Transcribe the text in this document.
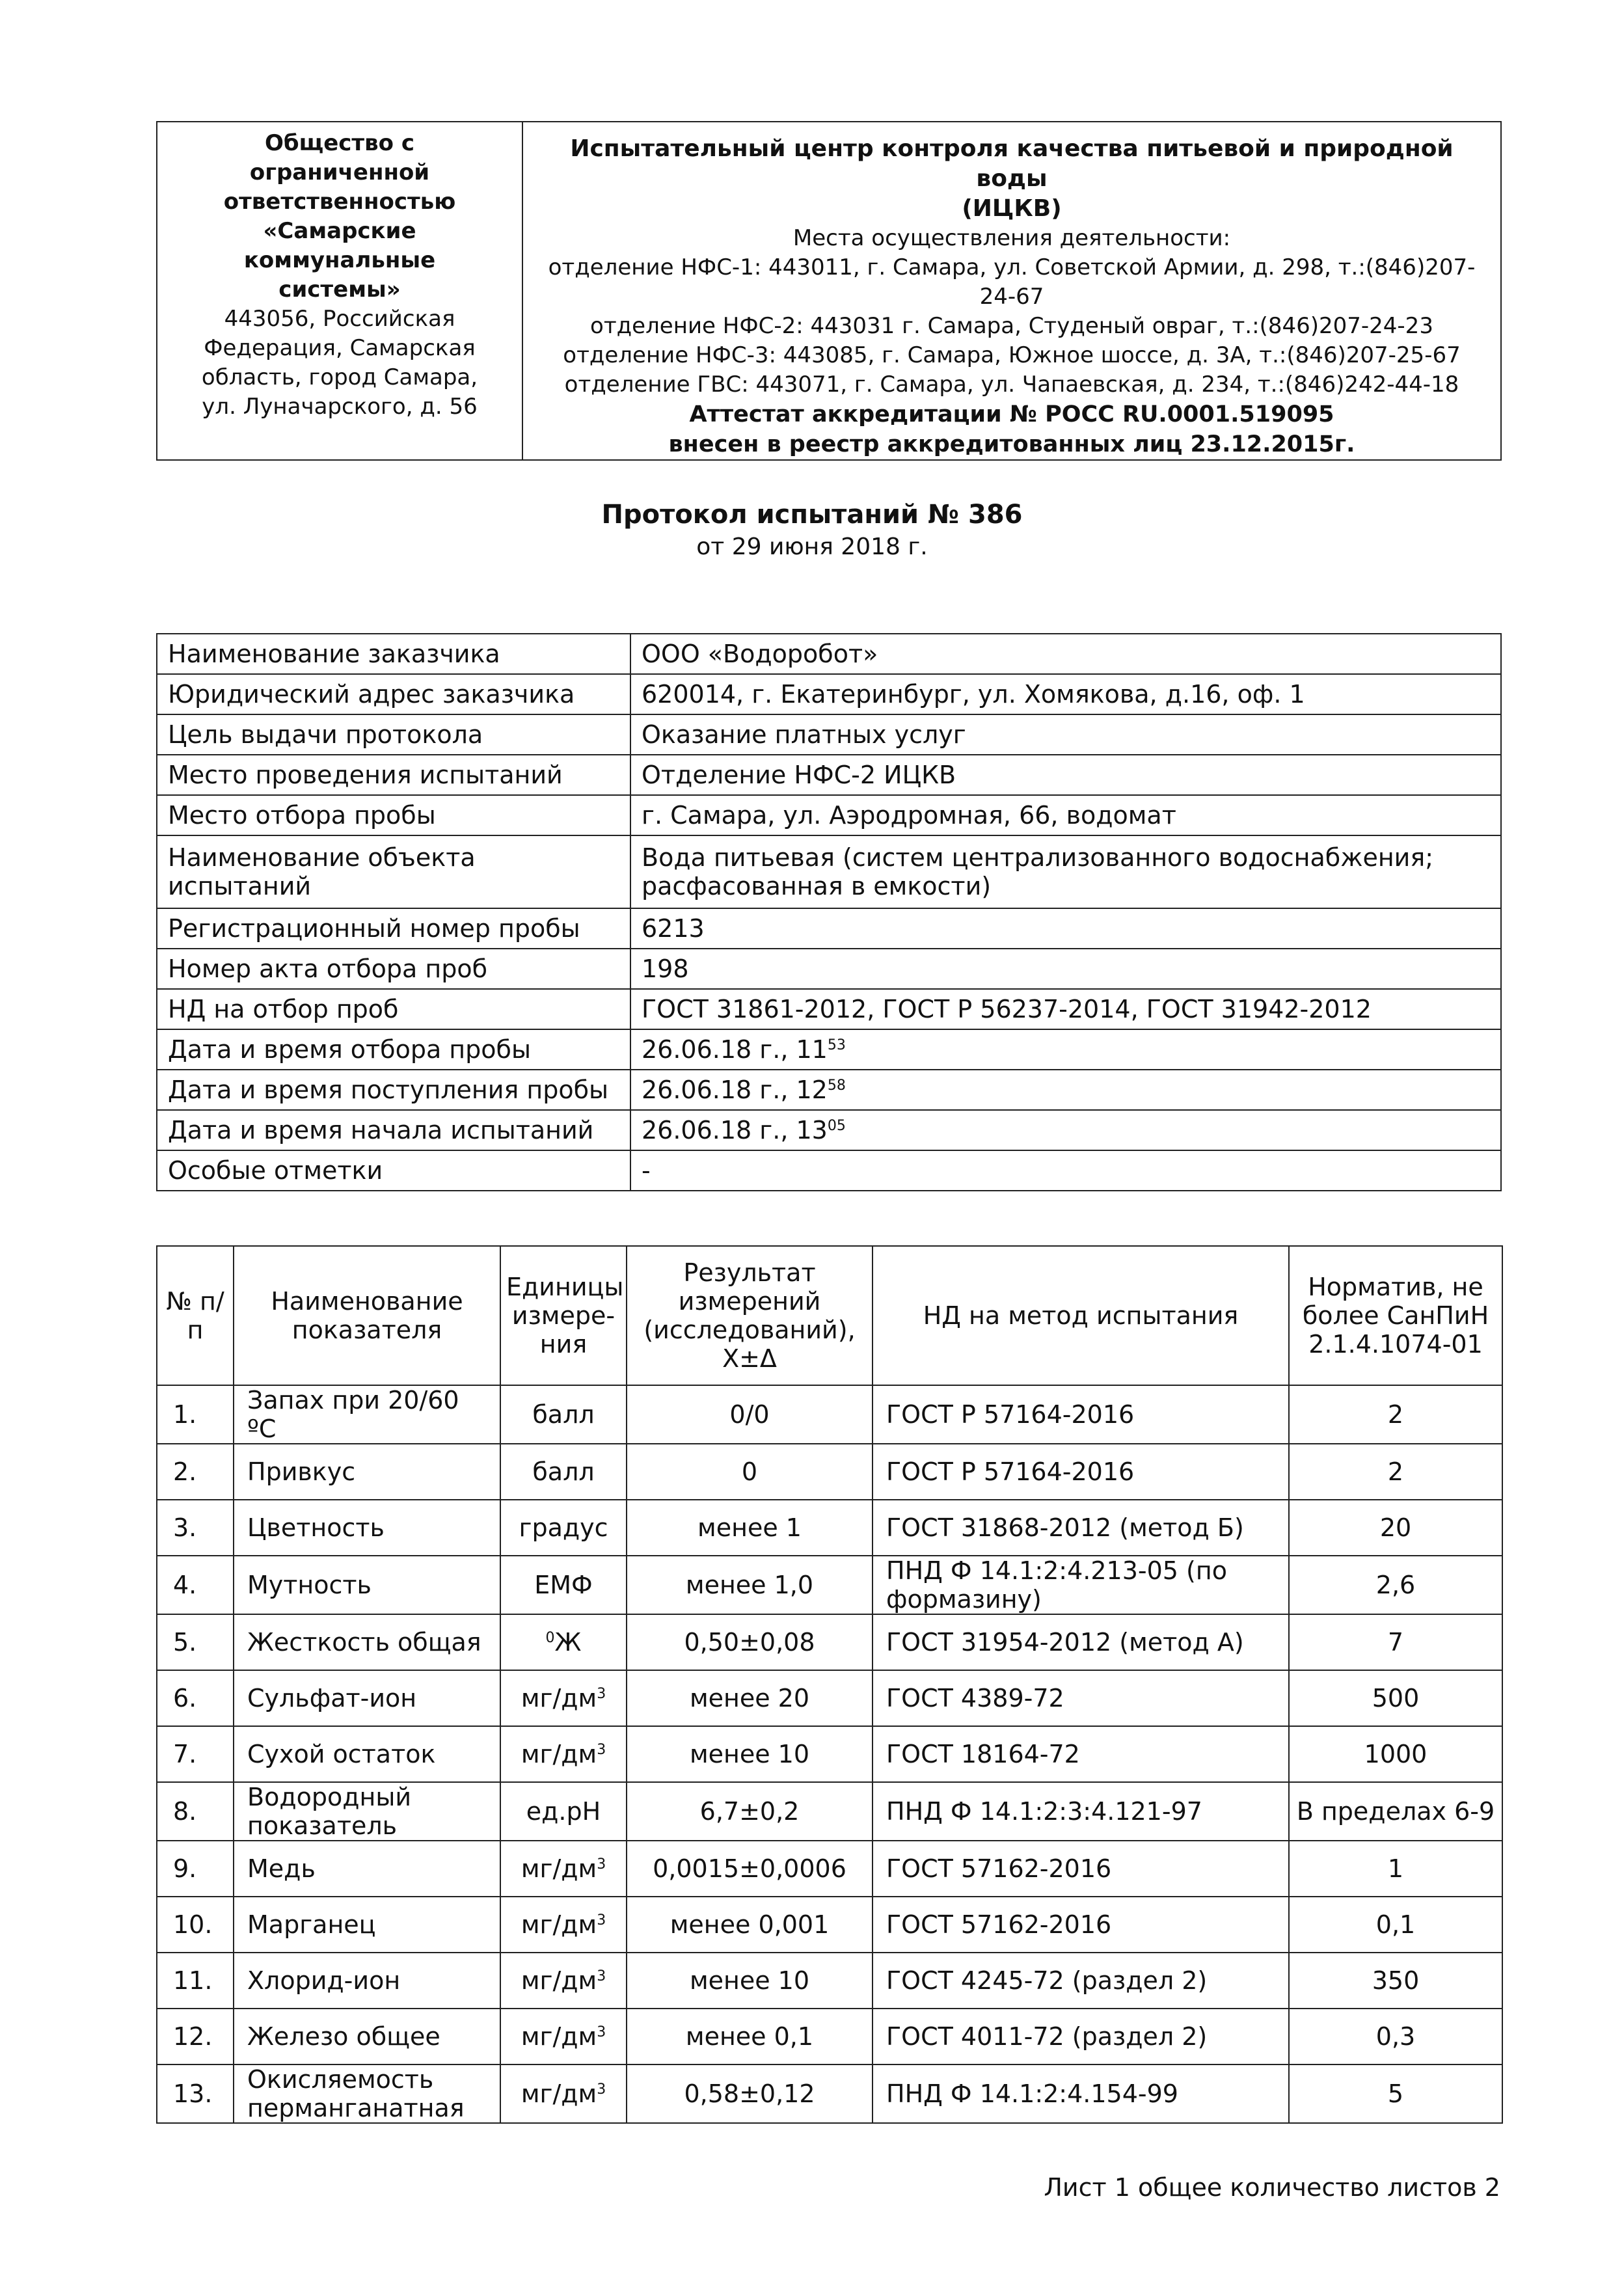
Общество с
ограниченной
ответственностью
«Самарские
коммунальные
системы»
443056, Российская
Федерация, Самарская
область, город Самара,
ул. Луначарского, д. 56

Испытательный центр контроля качества питьевой и природной воды
(ИЦКВ)
Места осуществления деятельности:
отделение НФС-1: 443011, г. Самара, ул. Советской Армии, д. 298, т.:(846)207-24-67
отделение НФС-2: 443031 г. Самара, Студеный овраг, т.:(846)207-24-23
отделение НФС-3: 443085, г. Самара, Южное шоссе, д. 3А, т.:(846)207-25-67
отделение ГВС: 443071, г. Самара, ул. Чапаевская, д. 234, т.:(846)242-44-18
Аттестат аккредитации № РОСС RU.0001.519095
внесен в реестр аккредитованных лиц 23.12.2015г.
Протокол испытаний № 386
от 29 июня 2018 г.
Наименование заказчика	ООО «Водоробот»
Юридический адрес заказчика	620014, г. Екатеринбург, ул. Хомякова, д.16, оф. 1
Цель выдачи протокола	Оказание платных услуг
Место проведения испытаний	Отделение НФС-2 ИЦКВ
Место отбора пробы	г. Самара, ул. Аэродромная, 66, водомат
Наименование объекта испытаний	Вода питьевая (систем централизованного водоснабжения; расфасованная в емкости)
Регистрационный номер пробы	6213
Номер акта отбора проб	198
НД на отбор проб	ГОСТ 31861-2012, ГОСТ Р 56237-2014, ГОСТ 31942-2012
Дата и время отбора пробы	26.06.18 г., $11^{53}$
Дата и время поступления пробы	26.06.18 г., $12^{58}$
Дата и время начала испытаний	26.06.18 г., $13^{05}$
Особые отметки	-
№ п/п	Наименование показателя	Единицы измере-ния	Результат измерений (исследований), X±Δ	НД на метод испытания	Норматив, не более СанПиН 2.1.4.1074-01
1.	Запах при 20/60 ºС	балл	0/0	ГОСТ Р 57164-2016	2
2.	Привкус	балл	0	ГОСТ Р 57164-2016	2
3.	Цветность	градус	менее 1	ГОСТ 31868-2012 (метод Б)	20
4.	Мутность	ЕМФ	менее 1,0	ПНД Ф 14.1:2:4.213-05 (по формазину)	2,6
5.	Жесткость общая	$^0$Ж	0,50±0,08	ГОСТ 31954-2012 (метод А)	7
6.	Сульфат-ион	$мг/дм^3$	менее 20	ГОСТ 4389-72	500
7.	Сухой остаток	$мг/дм^3$	менее 10	ГОСТ 18164-72	1000
8.	Водородный показатель	ед.рН	6,7±0,2	ПНД Ф 14.1:2:3:4.121-97	В пределах 6-9
9.	Медь	$мг/дм^3$	0,0015±0,0006	ГОСТ 57162-2016	1
10.	Марганец	$мг/дм^3$	менее 0,001	ГОСТ 57162-2016	0,1
11.	Хлорид-ион	$мг/дм^3$	менее 10	ГОСТ 4245-72 (раздел 2)	350
12.	Железо общее	$мг/дм^3$	менее 0,1	ГОСТ 4011-72 (раздел 2)	0,3
13.	Окисляемость перманганатная	$мг/дм^3$	0,58±0,12	ПНД Ф 14.1:2:4.154-99	5
Лист 1 общее количество листов 2
